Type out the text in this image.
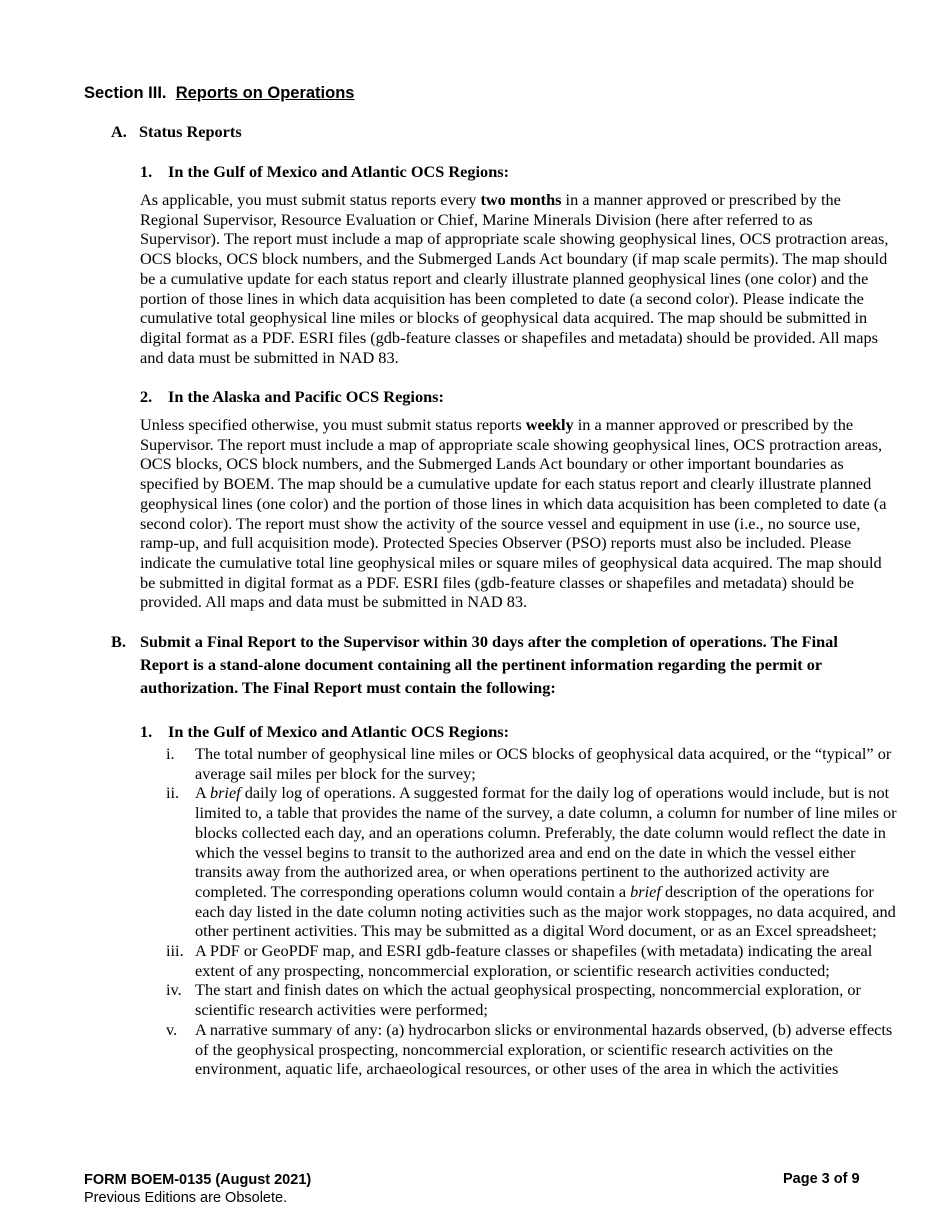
Section III. Reports on Operations
A. Status Reports
1. In the Gulf of Mexico and Atlantic OCS Regions:

As applicable, you must submit status reports every two months in a manner approved or prescribed by the Regional Supervisor, Resource Evaluation or Chief, Marine Minerals Division (here after referred to as Supervisor). The report must include a map of appropriate scale showing geophysical lines, OCS protraction areas, OCS blocks, OCS block numbers, and the Submerged Lands Act boundary (if map scale permits). The map should be a cumulative update for each status report and clearly illustrate planned geophysical lines (one color) and the portion of those lines in which data acquisition has been completed to date (a second color). Please indicate the cumulative total geophysical line miles or blocks of geophysical data acquired. The map should be submitted in digital format as a PDF. ESRI files (gdb-feature classes or shapefiles and metadata) should be provided. All maps and data must be submitted in NAD 83.

2. In the Alaska and Pacific OCS Regions:

Unless specified otherwise, you must submit status reports weekly in a manner approved or prescribed by the Supervisor. The report must include a map of appropriate scale showing geophysical lines, OCS protraction areas, OCS blocks, OCS block numbers, and the Submerged Lands Act boundary or other important boundaries as specified by BOEM. The map should be a cumulative update for each status report and clearly illustrate planned geophysical lines (one color) and the portion of those lines in which data acquisition has been completed to date (a second color). The report must show the activity of the source vessel and equipment in use (i.e., no source use, ramp-up, and full acquisition mode). Protected Species Observer (PSO) reports must also be included. Please indicate the cumulative total line geophysical miles or square miles of geophysical data acquired. The map should be submitted in digital format as a PDF. ESRI files (gdb-feature classes or shapefiles and metadata) should be provided. All maps and data must be submitted in NAD 83.

B. Submit a Final Report to the Supervisor within 30 days after the completion of operations. The Final Report is a stand-alone document containing all the pertinent information regarding the permit or authorization. The Final Report must contain the following:
1. In the Gulf of Mexico and Atlantic OCS Regions:
i. The total number of geophysical line miles or OCS blocks of geophysical data acquired, or the “typical” or average sail miles per block for the survey;
ii. A brief daily log of operations. A suggested format for the daily log of operations would include, but is not limited to, a table that provides the name of the survey, a date column, a column for number of line miles or blocks collected each day, and an operations column. Preferably, the date column would reflect the date in which the vessel begins to transit to the authorized area and end on the date in which the vessel either transits away from the authorized area, or when operations pertinent to the authorized activity are completed. The corresponding operations column would contain a brief description of the operations for each day listed in the date column noting activities such as the major work stoppages, no data acquired, and other pertinent activities. This may be submitted as a digital Word document, or as an Excel spreadsheet;
iii. A PDF or GeoPDF map, and ESRI gdb-feature classes or shapefiles (with metadata) indicating the areal extent of any prospecting, noncommercial exploration, or scientific research activities conducted;
iv. The start and finish dates on which the actual geophysical prospecting, noncommercial exploration, or scientific research activities were performed;
v. A narrative summary of any: (a) hydrocarbon slicks or environmental hazards observed, (b) adverse effects of the geophysical prospecting, noncommercial exploration, or scientific research activities on the environment, aquatic life, archaeological resources, or other uses of the area in which the activities
FORM BOEM-0135 (August 2021)
Previous Editions are Obsolete.
Page 3 of 9
